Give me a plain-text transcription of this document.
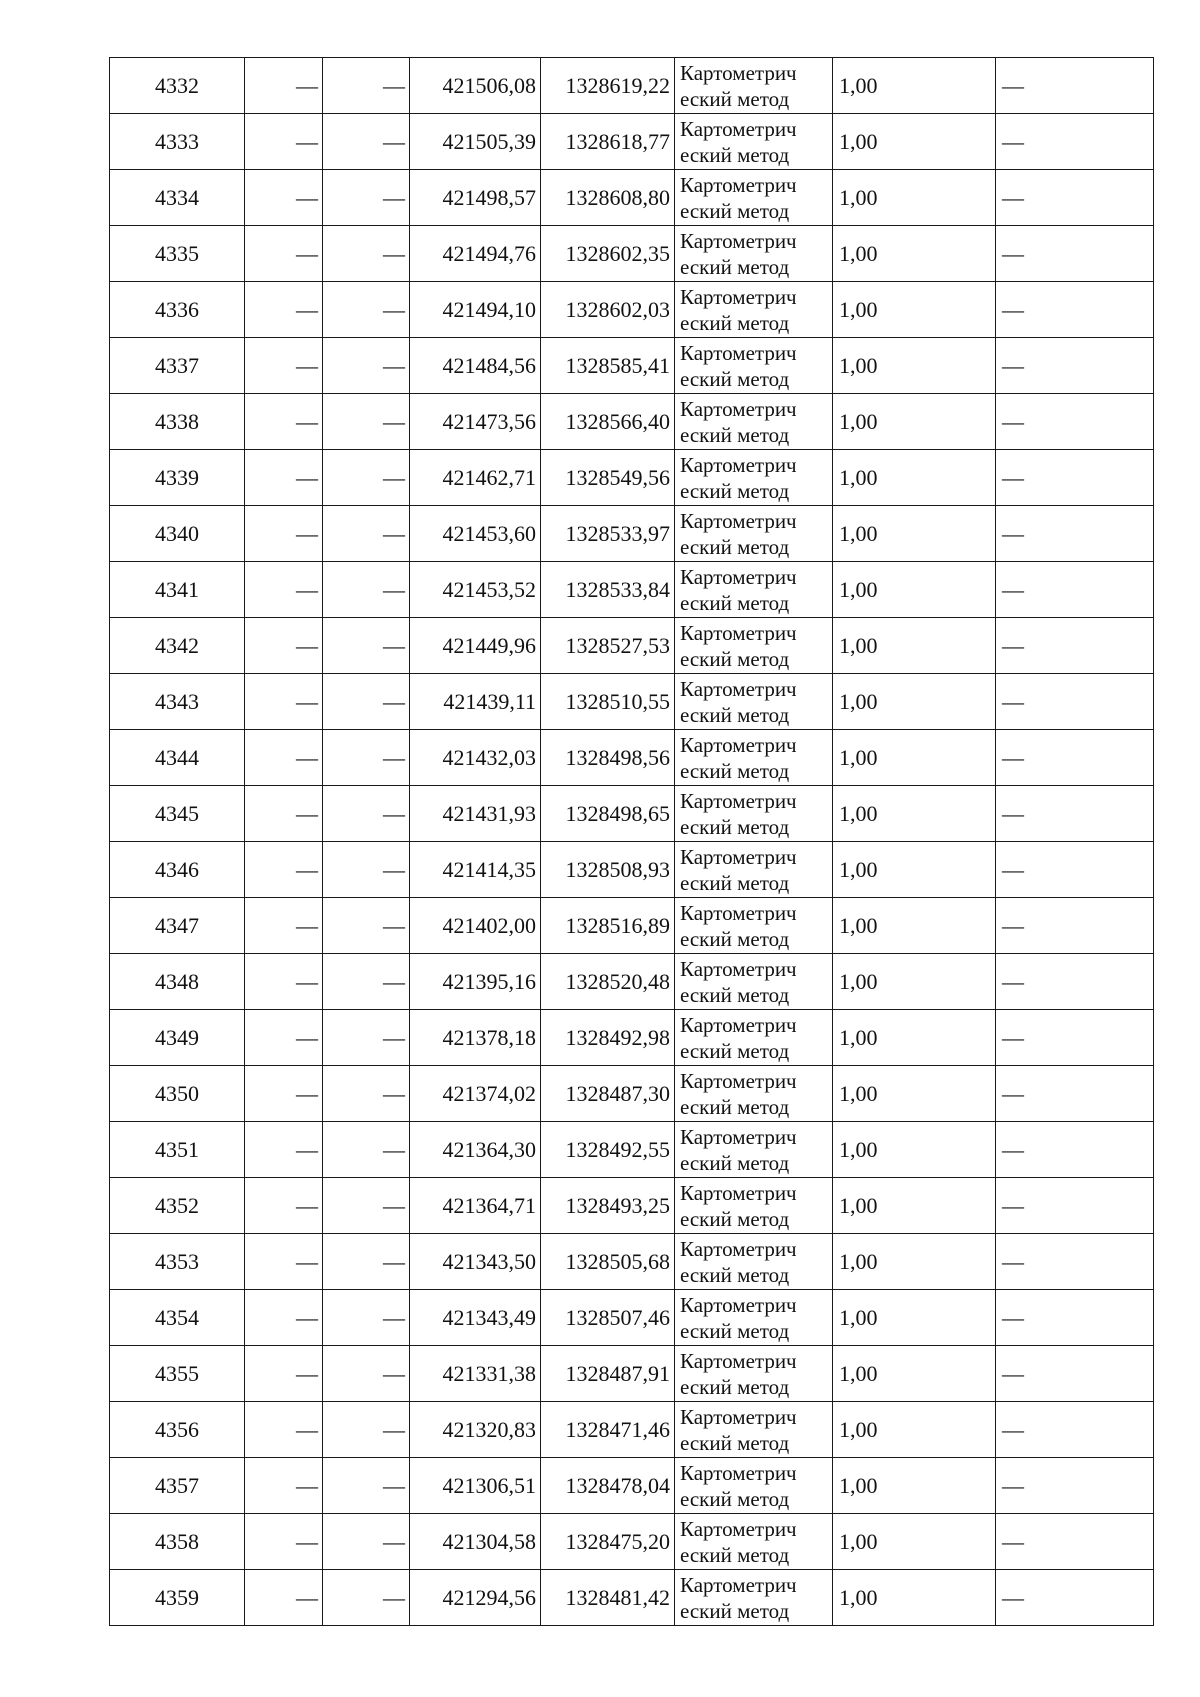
4332	—	—	421506,08	1328619,22	Картометрич
еский метод	1,00	—
4333	—	—	421505,39	1328618,77	Картометрич
еский метод	1,00	—
4334	—	—	421498,57	1328608,80	Картометрич
еский метод	1,00	—
4335	—	—	421494,76	1328602,35	Картометрич
еский метод	1,00	—
4336	—	—	421494,10	1328602,03	Картометрич
еский метод	1,00	—
4337	—	—	421484,56	1328585,41	Картометрич
еский метод	1,00	—
4338	—	—	421473,56	1328566,40	Картометрич
еский метод	1,00	—
4339	—	—	421462,71	1328549,56	Картометрич
еский метод	1,00	—
4340	—	—	421453,60	1328533,97	Картометрич
еский метод	1,00	—
4341	—	—	421453,52	1328533,84	Картометрич
еский метод	1,00	—
4342	—	—	421449,96	1328527,53	Картометрич
еский метод	1,00	—
4343	—	—	421439,11	1328510,55	Картометрич
еский метод	1,00	—
4344	—	—	421432,03	1328498,56	Картометрич
еский метод	1,00	—
4345	—	—	421431,93	1328498,65	Картометрич
еский метод	1,00	—
4346	—	—	421414,35	1328508,93	Картометрич
еский метод	1,00	—
4347	—	—	421402,00	1328516,89	Картометрич
еский метод	1,00	—
4348	—	—	421395,16	1328520,48	Картометрич
еский метод	1,00	—
4349	—	—	421378,18	1328492,98	Картометрич
еский метод	1,00	—
4350	—	—	421374,02	1328487,30	Картометрич
еский метод	1,00	—
4351	—	—	421364,30	1328492,55	Картометрич
еский метод	1,00	—
4352	—	—	421364,71	1328493,25	Картометрич
еский метод	1,00	—
4353	—	—	421343,50	1328505,68	Картометрич
еский метод	1,00	—
4354	—	—	421343,49	1328507,46	Картометрич
еский метод	1,00	—
4355	—	—	421331,38	1328487,91	Картометрич
еский метод	1,00	—
4356	—	—	421320,83	1328471,46	Картометрич
еский метод	1,00	—
4357	—	—	421306,51	1328478,04	Картометрич
еский метод	1,00	—
4358	—	—	421304,58	1328475,20	Картометрич
еский метод	1,00	—
4359	—	—	421294,56	1328481,42	Картометрич
еский метод	1,00	—
